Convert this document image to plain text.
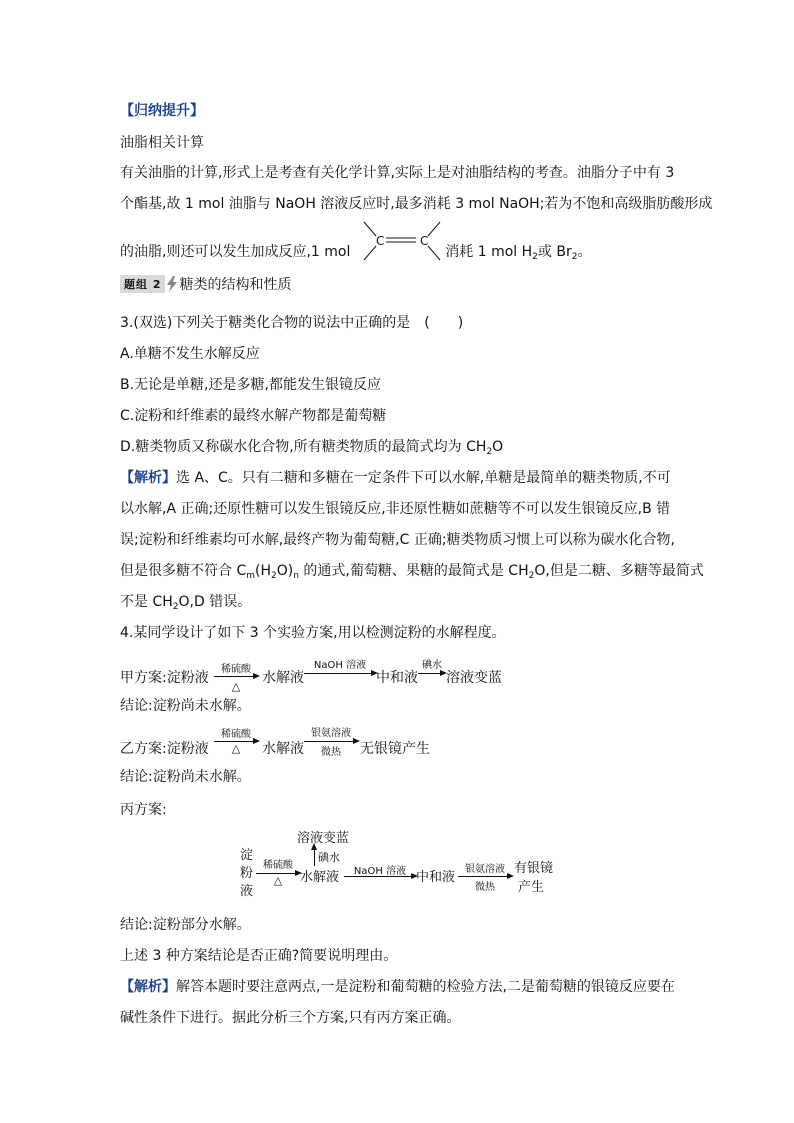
【归纳提升】
油脂相关计算
有关油脂的计算,形式上是考查有关化学计算,实际上是对油脂结构的考查。油脂分子中有 3
个酯基,故 1 mol 油脂与 NaOH 溶液反应时,最多消耗 3 mol NaOH;若为不饱和高级脂肪酸形成
的油脂,则还可以发生加成反应,1 mol	消耗 1 mol $H_2$或 $Br_2$。
C	C
题组 2 糖类的结构和性质
3.(双选)下列关于糖类化合物的说法中正确的是　(　　)
A.单糖不发生水解反应
B.无论是单糖,还是多糖,都能发生银镜反应
C.淀粉和纤维素的最终水解产物都是葡萄糖
D.糖类物质又称碳水化合物,所有糖类物质的最简式均为 $CH_2O$
【解析】选 A、C。只有二糖和多糖在一定条件下可以水解,单糖是最简单的糖类物质,不可
以水解,A 正确;还原性糖可以发生银镜反应,非还原性糖如蔗糖等不可以发生银镜反应,B 错
误;淀粉和纤维素均可水解,最终产物为葡萄糖,C 正确;糖类物质习惯上可以称为碳水化合物,
但是很多糖不符合 $C_m(H_2O)_n$ 的通式,葡萄糖、果糖的最简式是 $CH_2O$,但是二糖、多糖等最简式
不是 $CH_2O,D$ 错误。
4.某同学设计了如下 3 个实验方案,用以检测淀粉的水解程度。
甲方案:淀粉液
稀硫酸
△
水解液
NaOH 溶液
中和液
碘水
溶液变蓝
结论:淀粉尚未水解。
乙方案:淀粉液
稀硫酸
△	水解液
银氨溶液
微热	无银镜产生
结论:淀粉尚未水解。
丙方案:
淀
粉
液
稀硫酸
△	水解液
碘水
溶液变蓝
NaOH 溶液 中和液
银氨溶液
微热
有银镜
产生
结论:淀粉部分水解。
上述 3 种方案结论是否正确?简要说明理由。
【解析】解答本题时要注意两点,一是淀粉和葡萄糖的检验方法,二是葡萄糖的银镜反应要在
碱性条件下进行。据此分析三个方案,只有丙方案正确。
